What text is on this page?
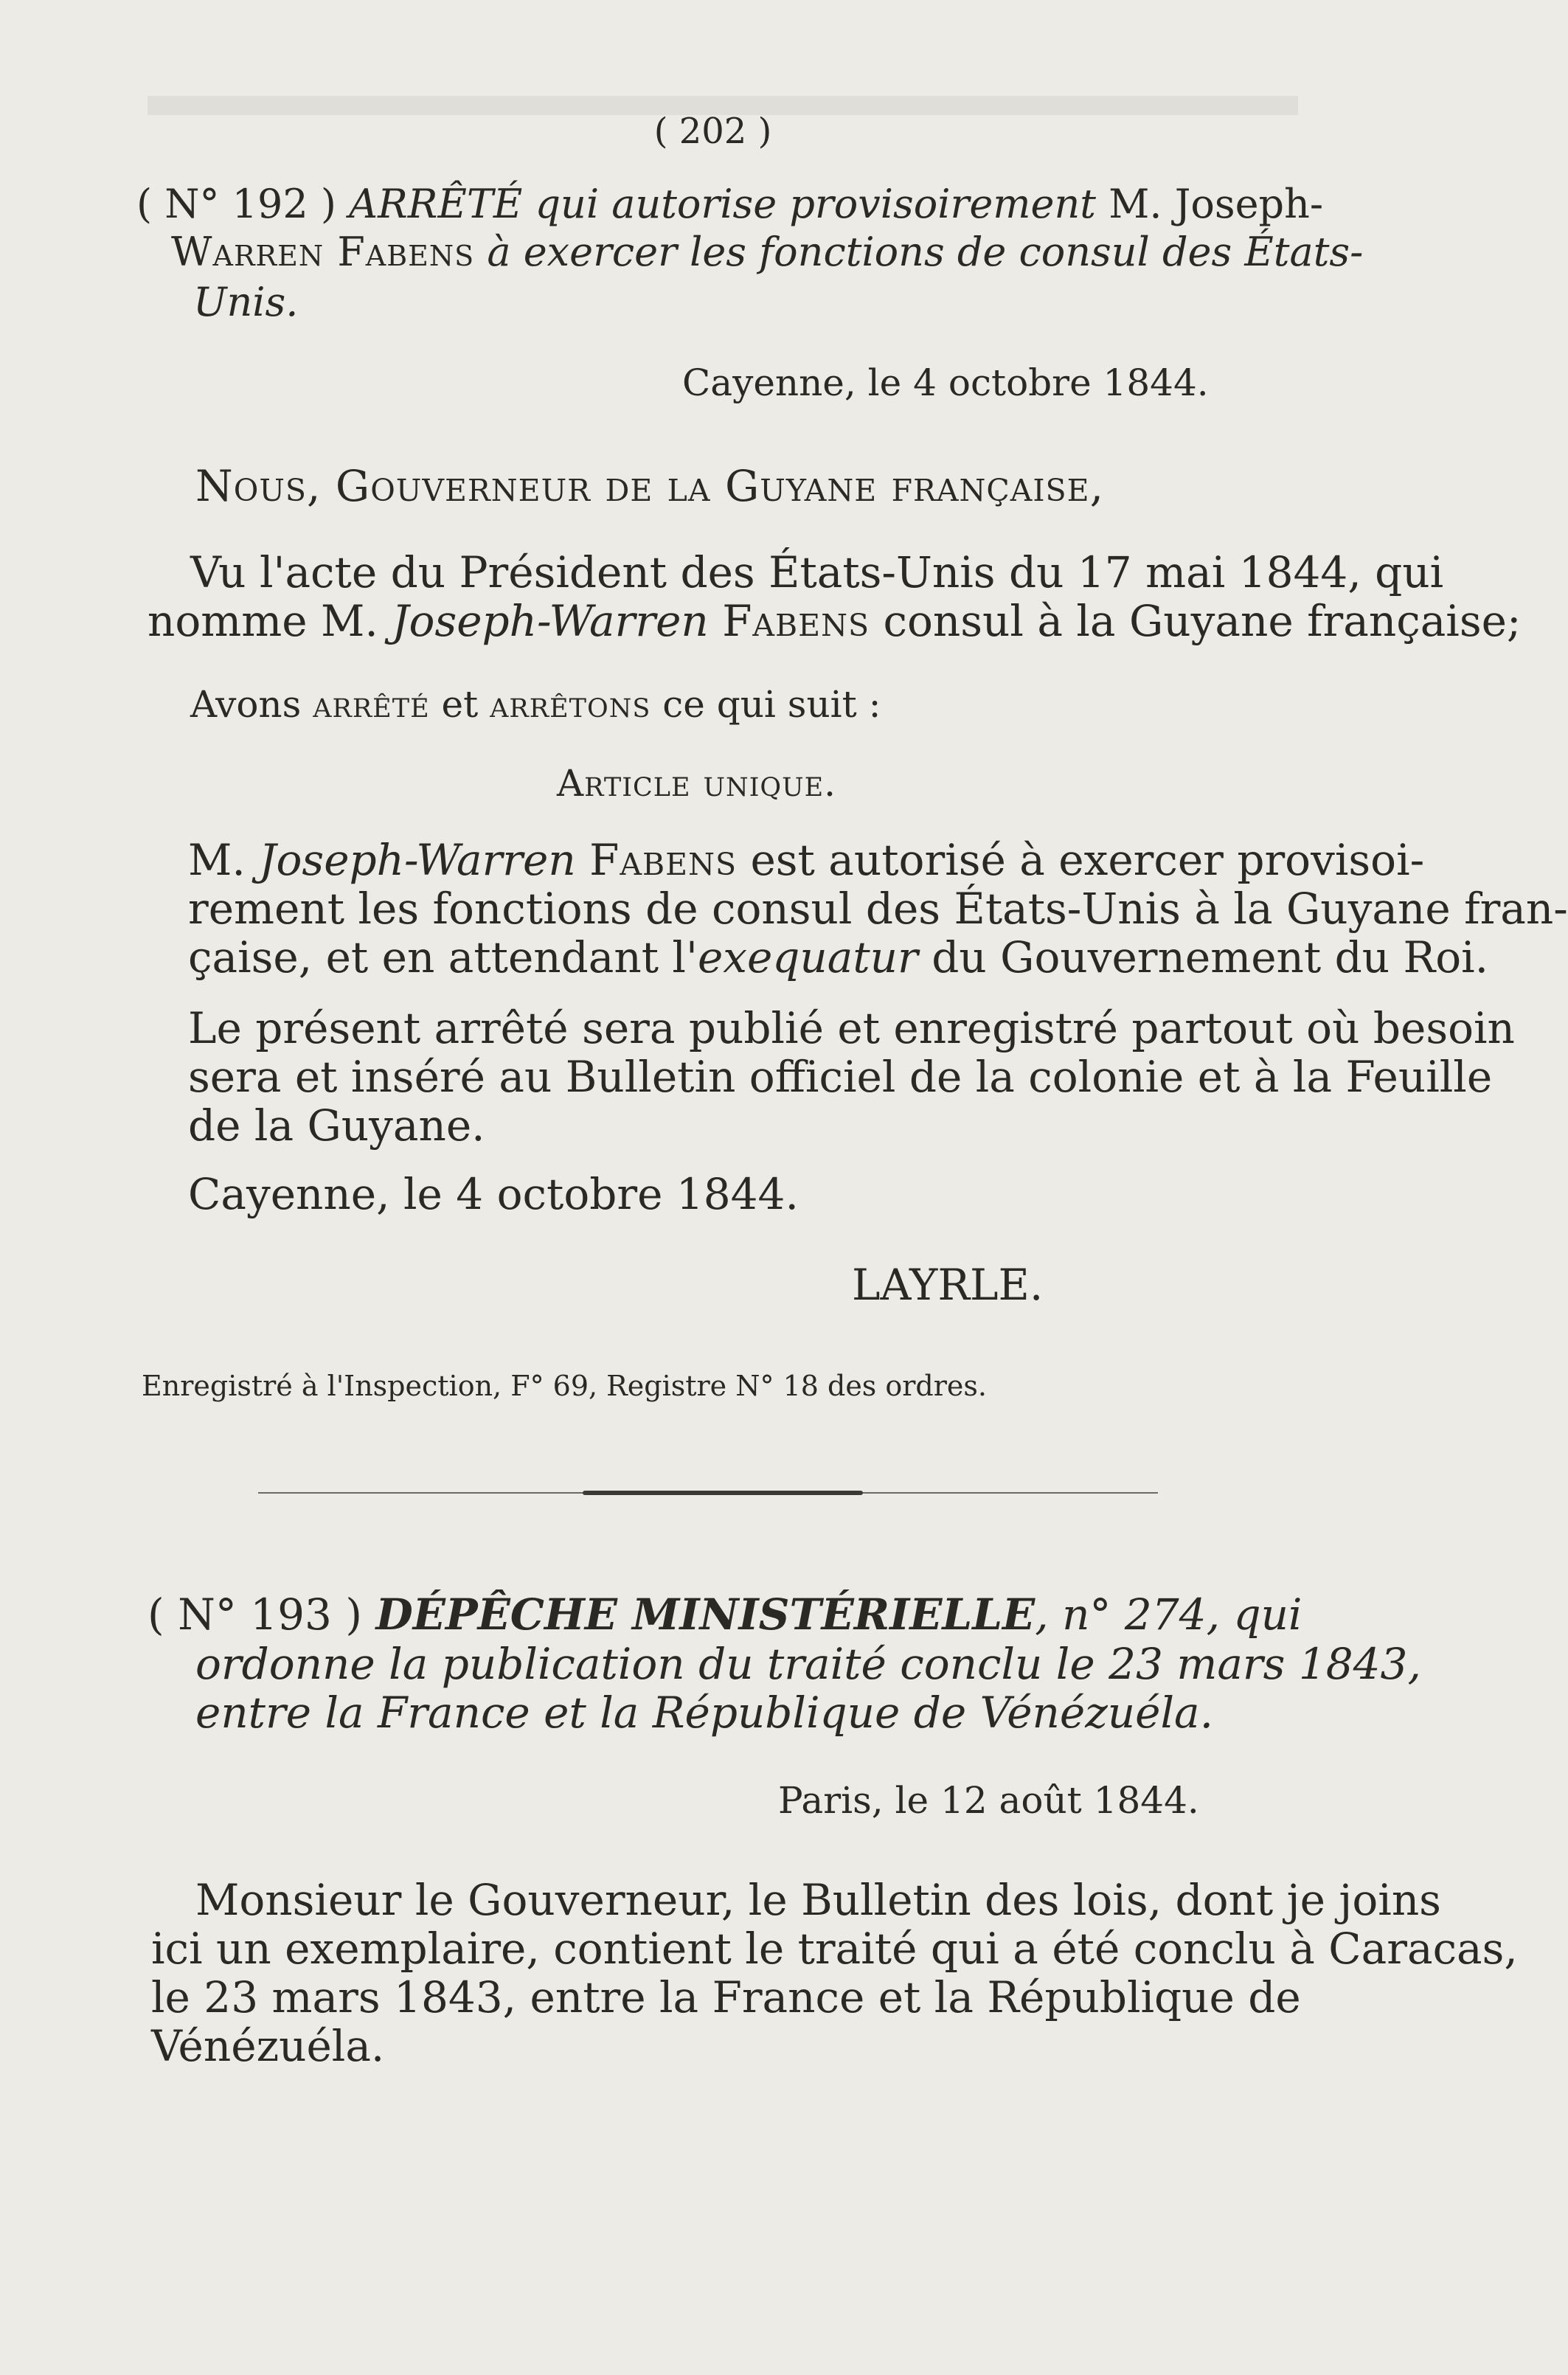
( 202 )
( N° 192 ) ARRÊTÉ qui autorise provisoirement M. Joseph-
Warren Fabens à exercer les fonctions de consul des États-
Unis.
Cayenne, le 4 octobre 1844.
Nous, Gouverneur de la Guyane française,
Vu l'acte du Président des États-Unis du 17 mai 1844, qui
nomme M. Joseph-Warren Fabens consul à la Guyane française;
Avons arrêté et arrêtons ce qui suit :
Article unique.
M. Joseph-Warren Fabens est autorisé à exercer provisoi-
rement les fonctions de consul des États-Unis à la Guyane fran-
çaise, et en attendant l'exequatur du Gouvernement du Roi.
Le présent arrêté sera publié et enregistré partout où besoin
sera et inséré au Bulletin officiel de la colonie et à la Feuille
de la Guyane.
Cayenne, le 4 octobre 1844.
LAYRLE.
Enregistré à l'Inspection, F° 69, Registre N° 18 des ordres.
( N° 193 ) DÉPÊCHE MINISTÉRIELLE, n° 274, qui
ordonne la publication du traité conclu le 23 mars 1843,
entre la France et la République de Vénézuéla.
Paris, le 12 août 1844.
Monsieur le Gouverneur, le Bulletin des lois, dont je joins
ici un exemplaire, contient le traité qui a été conclu à Caracas,
le 23 mars 1843, entre la France et la République de
Vénézuéla.
